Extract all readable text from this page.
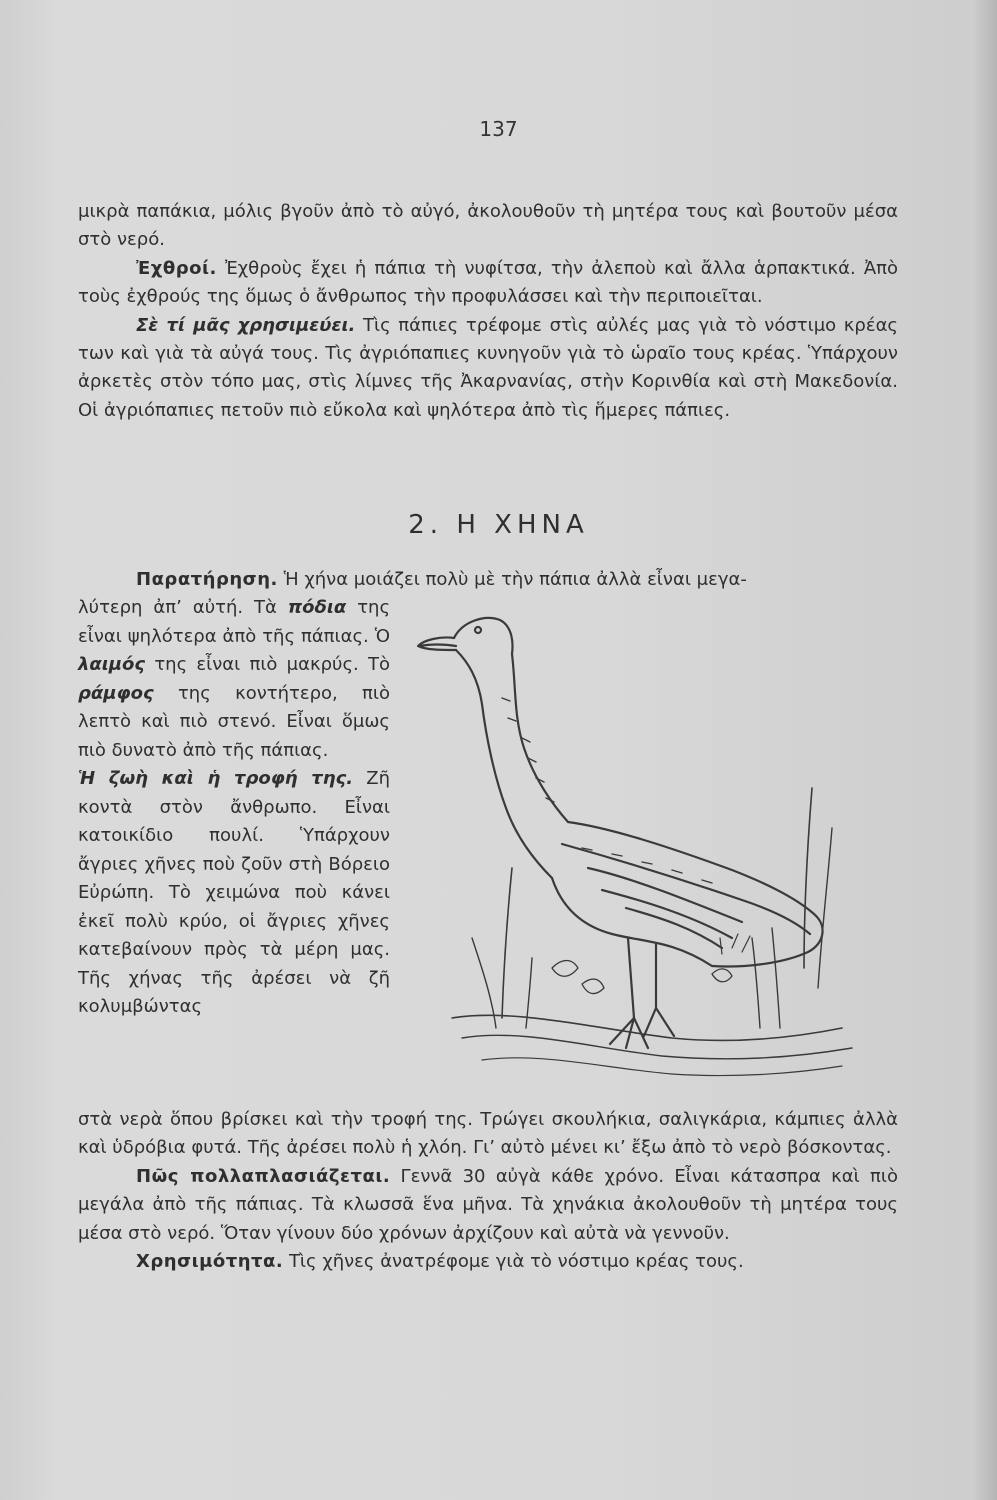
137

μικρὰ παπάκια, μόλις βγοῦν ἀπὸ τὸ αὐγό, ἀκολουθοῦν τὴ μητέρα τους καὶ βουτοῦν μέσα στὸ νερό.

Ἐχθροί. Ἐχθροὺς ἔχει ἡ πάπια τὴ νυφίτσα, τὴν ἀλεποὺ καὶ ἄλλα ἁρπακτικά. Ἀπὸ τοὺς ἐχθρούς της ὅμως ὁ ἄνθρωπος τὴν προφυλάσσει καὶ τὴν περιποιεῖται.

Σὲ τί μᾶς χρησιμεύει. Τὶς πάπιες τρέφομε στὶς αὐλές μας γιὰ τὸ νόστιμο κρέας των καὶ γιὰ τὰ αὐγά τους. Τὶς ἀγριόπαπιες κυνηγοῦν γιὰ τὸ ὡραῖο τους κρέας. Ὑπάρχουν ἀρκετὲς στὸν τόπο μας, στὶς λίμνες τῆς Ἀκαρνανίας, στὴν Κορινθία καὶ στὴ Μακεδονία. Οἱ ἀγριόπαπιες πετοῦν πιὸ εὔκολα καὶ ψηλότερα ἀπὸ τὶς ἥμερες πάπιες.

2. Η ΧΗΝΑ

Παρατήρηση. Ἡ χήνα μοιάζει πολὺ μὲ τὴν πάπια ἀλλὰ εἶναι μεγα-

λύτερη ἀπ’ αὐτή. Τὰ πόδια της εἶναι ψηλότερα ἀπὸ τῆς πάπιας. Ὁ λαιμός της εἶναι πιὸ μακρύς. Τὸ ράμφος της κοντήτερο, πιὸ λεπτὸ καὶ πιὸ στενό. Εἶναι ὅμως πιὸ δυνατὸ ἀπὸ τῆς πάπιας.

Ἡ ζωὴ καὶ ἡ τροφή της. Ζῆ κοντὰ στὸν ἄνθρωπο. Εἶναι κατοικίδιο πουλί. Ὑπάρχουν ἄγριες χῆνες ποὺ ζοῦν στὴ Βόρειο Εὐρώπη. Τὸ χειμώνα ποὺ κάνει ἐκεῖ πολὺ κρύο, οἱ ἄγριες χῆνες κατεβαίνουν πρὸς τὰ μέρη μας. Τῆς χήνας τῆς ἀρέσει νὰ ζῆ κολυμβώντας

στὰ νερὰ ὅπου βρίσκει καὶ τὴν τροφή της. Τρώγει σκουλήκια, σαλιγκάρια, κάμπιες ἀλλὰ καὶ ὑδρόβια φυτά. Τῆς ἀρέσει πολὺ ἡ χλόη. Γι’ αὐτὸ μένει κι’ ἔξω ἀπὸ τὸ νερὸ βόσκοντας.

Πῶς πολλαπλασιάζεται. Γεννᾶ 30 αὐγὰ κάθε χρόνο. Εἶναι κάτασπρα καὶ πιὸ μεγάλα ἀπὸ τῆς πάπιας. Τὰ κλωσσᾶ ἕνα μῆνα. Τὰ χηνάκια ἀκολουθοῦν τὴ μητέρα τους μέσα στὸ νερό. Ὅταν γίνουν δύο χρόνων ἀρχίζουν καὶ αὐτὰ νὰ γεννοῦν.

Χρησιμότητα. Τὶς χῆνες ἀνατρέφομε γιὰ τὸ νόστιμο κρέας τους.
